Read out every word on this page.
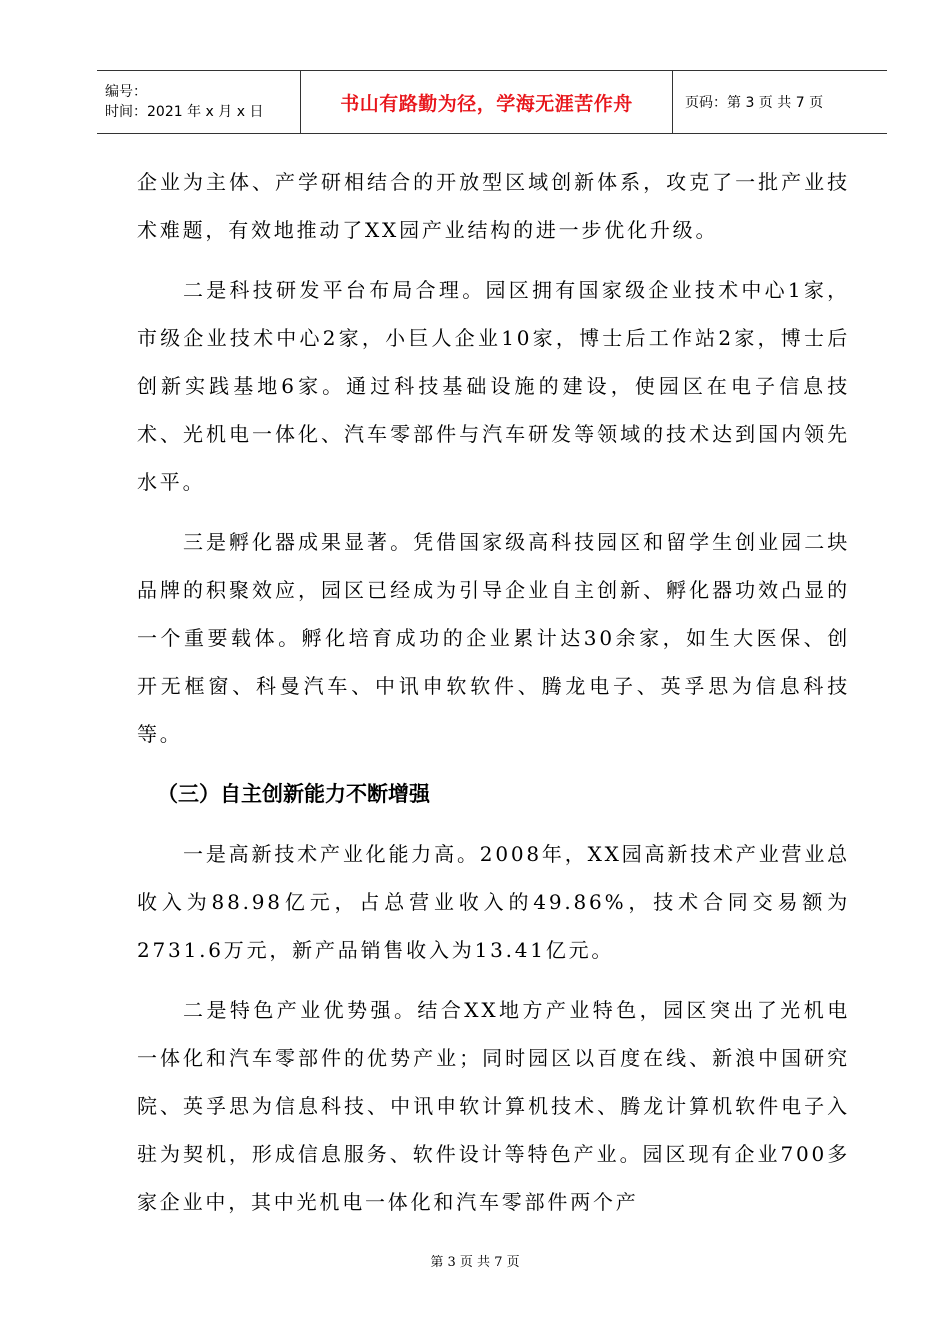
编号：
时间：2021 年 x 月 x 日	书山有路勤为径，学海无涯苦作舟	页码：第 3 页 共 7 页

企业为主体、产学研相结合的开放型区域创新体系，攻克了一批产业技术难题，有效地推动了XX园产业结构的进一步优化升级。

二是科技研发平台布局合理。园区拥有国家级企业技术中心1家，市级企业技术中心2家，小巨人企业10家，博士后工作站2家，博士后创新实践基地6家。通过科技基础设施的建设，使园区在电子信息技术、光机电一体化、汽车零部件与汽车研发等领域的技术达到国内领先水平。

三是孵化器成果显著。凭借国家级高科技园区和留学生创业园二块品牌的积聚效应，园区已经成为引导企业自主创新、孵化器功效凸显的一个重要载体。孵化培育成功的企业累计达30余家，如生大医保、创开无框窗、科曼汽车、中讯申软软件、腾龙电子、英孚思为信息科技等。

（三）自主创新能力不断增强

一是高新技术产业化能力高。2008年，XX园高新技术产业营业总收入为88.98亿元，占总营业收入的49.86%，技术合同交易额为2731.6万元，新产品销售收入为13.41亿元。

二是特色产业优势强。结合XX地方产业特色，园区突出了光机电一体化和汽车零部件的优势产业；同时园区以百度在线、新浪中国研究院、英孚思为信息科技、中讯申软计算机技术、腾龙计算机软件电子入驻为契机，形成信息服务、软件设计等特色产业。园区现有企业700多家企业中，其中光机电一体化和汽车零部件两个产

第 3 页 共 7 页
